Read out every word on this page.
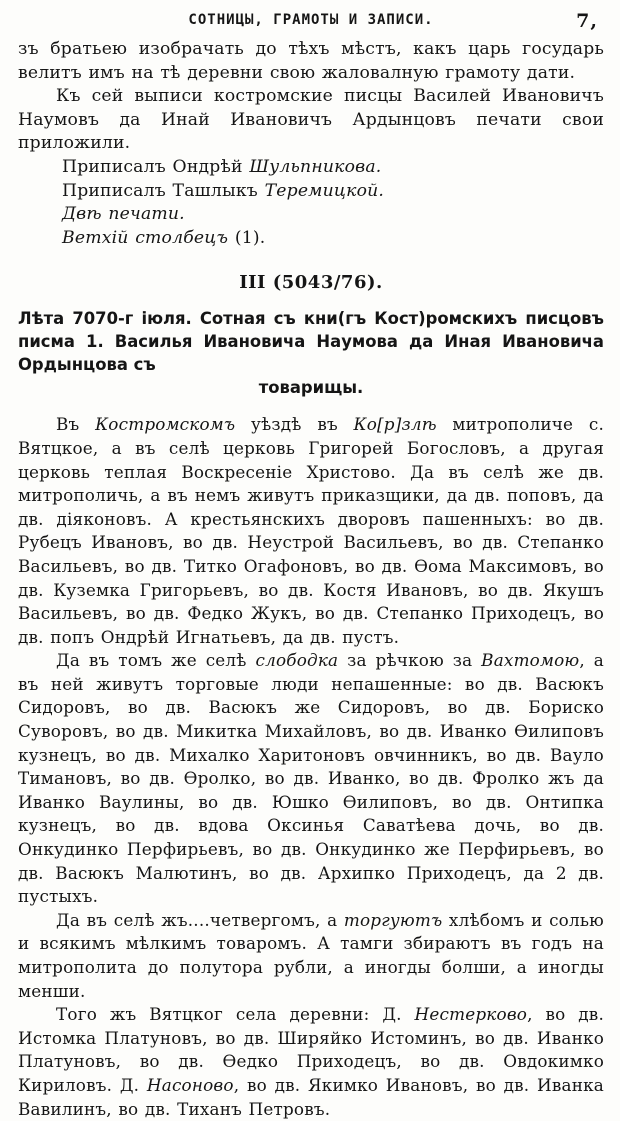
СОТНИЦЫ, ГРАМОТЫ И ЗАПИСИ.	7,

зъ братьею изобрачать до тѣхъ мѣстъ, какъ царь государь велитъ имъ на тѣ деревни свою жаловалную грамоту дати.

Къ сей выписи костромские писцы Василей Ивановичъ Наумовъ да Инай Ивановичъ Ардынцовъ печати свои приложили.

Приписалъ Ондрѣй Шульпникова.

Приписалъ Ташлыкъ Теремицкой.

Двѣ печати.

Ветхій столбецъ (1).

III (5043/76).
Лѣта 7070-г іюля. Сотная съ кни(гъ Кост)ромскихъ писцовъ писма 1. Василья Ивановича Наумова да Иная Ивановича Ордынцова съ
товарищы.

Въ Костромскомъ уѣздѣ въ Ко[р]злѣ митрополиче с. Вятцкое, а въ селѣ церковь Григорей Богословъ, а другая церковь теплая Воскресеніе Христово. Да въ селѣ же дв. митрополичь, а въ немъ живутъ приказщики, да дв. поповъ, да дв. діяконовъ. А крестьянскихъ дворовъ пашенныхъ: во дв. Рубецъ Ивановъ, во дв. Неустрой Васильевъ, во дв. Степанко Васильевъ, во дв. Титко Огафоновъ, во дв. Өома Максимовъ, во дв. Куземка Григорьевъ, во дв. Костя Ивановъ, во дв. Якушъ Васильевъ, во дв. Федко Жукъ, во дв. Степанко Приходецъ, во дв. попъ Ондрѣй Игнатьевъ, да дв. пустъ.

Да въ томъ же селѣ слободка за рѣчкою за Вахтомою, а въ ней живутъ торговые люди непашенные: во дв. Васюкъ Сидоровъ, во дв. Васюкъ же Сидоровъ, во дв. Бориско Суворовъ, во дв. Микитка Михайловъ, во дв. Иванко Өилиповъ кузнецъ, во дв. Михалко Харитоновъ овчинникъ, во дв. Вауло Тимановъ, во дв. Өролко, во дв. Иванко, во дв. Фролко жъ да Иванко Ваулины, во дв. Юшко Өилиповъ, во дв. Онтипка кузнецъ, во дв. вдова Оксинья Саватѣева дочь, во дв. Онкудинко Перфирьевъ, во дв. Онкудинко же Перфирьевъ, во дв. Васюкъ Малютинъ, во дв. Архипко Приходецъ, да 2 дв. пустыхъ.

Да въ селѣ жъ....четвергомъ, а торгуютъ хлѣбомъ и солью и всякимъ мѣлкимъ товаромъ. А тамги збираютъ въ годъ на митрополита до полутора рубли, а иногды болши, а иногды менши.

Того жъ Вятцког села деревни: Д. Нестерково, во дв. Истомка Платуновъ, во дв. Ширяйко Истоминъ, во дв. Иванко Платуновъ, во дв. Өедко Приходецъ, во дв. Овдокимко Кириловъ. Д. Насоново, во дв. Якимко Ивановъ, во дв. Иванка Вавилинъ, во дв. Тиханъ Петровъ.
